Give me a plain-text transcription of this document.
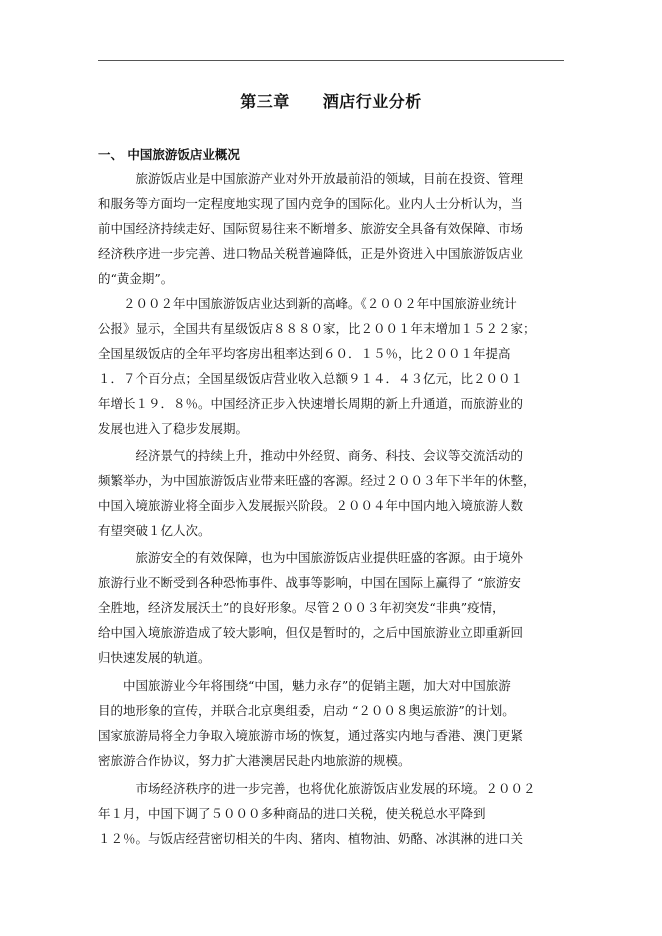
第三章　　酒店行业分析
一、 中国旅游饭店业概况
　　　旅游饭店业是中国旅游产业对外开放最前沿的领域，目前在投资、管理
和服务等方面均一定程度地实现了国内竞争的国际化。业内人士分析认为，当
前中国经济持续走好、国际贸易往来不断增多、旅游安全具备有效保障、市场
经济秩序进一步完善、进口物品关税普遍降低，正是外资进入中国旅游饭店业
的“黄金期”。
　　２００２年中国旅游饭店业达到新的高峰。《２００２年中国旅游业统计
公报》显示，全国共有星级饭店８８８０家，比２００１年末增加１５２２家；
全国星级饭店的全年平均客房出租率达到６０．１５％，比２００１年提高
１．７个百分点；全国星级饭店营业收入总额９１４．４３亿元，比２００１
年增长１９．８％。中国经济正步入快速增长周期的新上升通道，而旅游业的
发展也进入了稳步发展期。
　　　经济景气的持续上升，推动中外经贸、商务、科技、会议等交流活动的
频繁举办，为中国旅游饭店业带来旺盛的客源。经过２００３年下半年的休整，
中国入境旅游业将全面步入发展振兴阶段。２００４年中国内地入境旅游人数
有望突破１亿人次。
　　　旅游安全的有效保障，也为中国旅游饭店业提供旺盛的客源。由于境外
旅游行业不断受到各种恐怖事件、战事等影响，中国在国际上赢得了 “旅游安
全胜地，经济发展沃土”的良好形象。尽管２００３年初突发“非典”疫情，
给中国入境旅游造成了较大影响，但仅是暂时的，之后中国旅游业立即重新回
归快速发展的轨道。
　　中国旅游业今年将围绕“中国，魅力永存”的促销主题，加大对中国旅游
目的地形象的宣传，并联合北京奥组委，启动 “２００８奥运旅游”的计划。
国家旅游局将全力争取入境旅游市场的恢复，通过落实内地与香港、澳门更紧
密旅游合作协议，努力扩大港澳居民赴内地旅游的规模。
　　　市场经济秩序的进一步完善，也将优化旅游饭店业发展的环境。２００２
年１月，中国下调了５０００多种商品的进口关税，使关税总水平降到
１２％。与饭店经营密切相关的牛肉、猪肉、植物油、奶酪、冰淇淋的进口关
